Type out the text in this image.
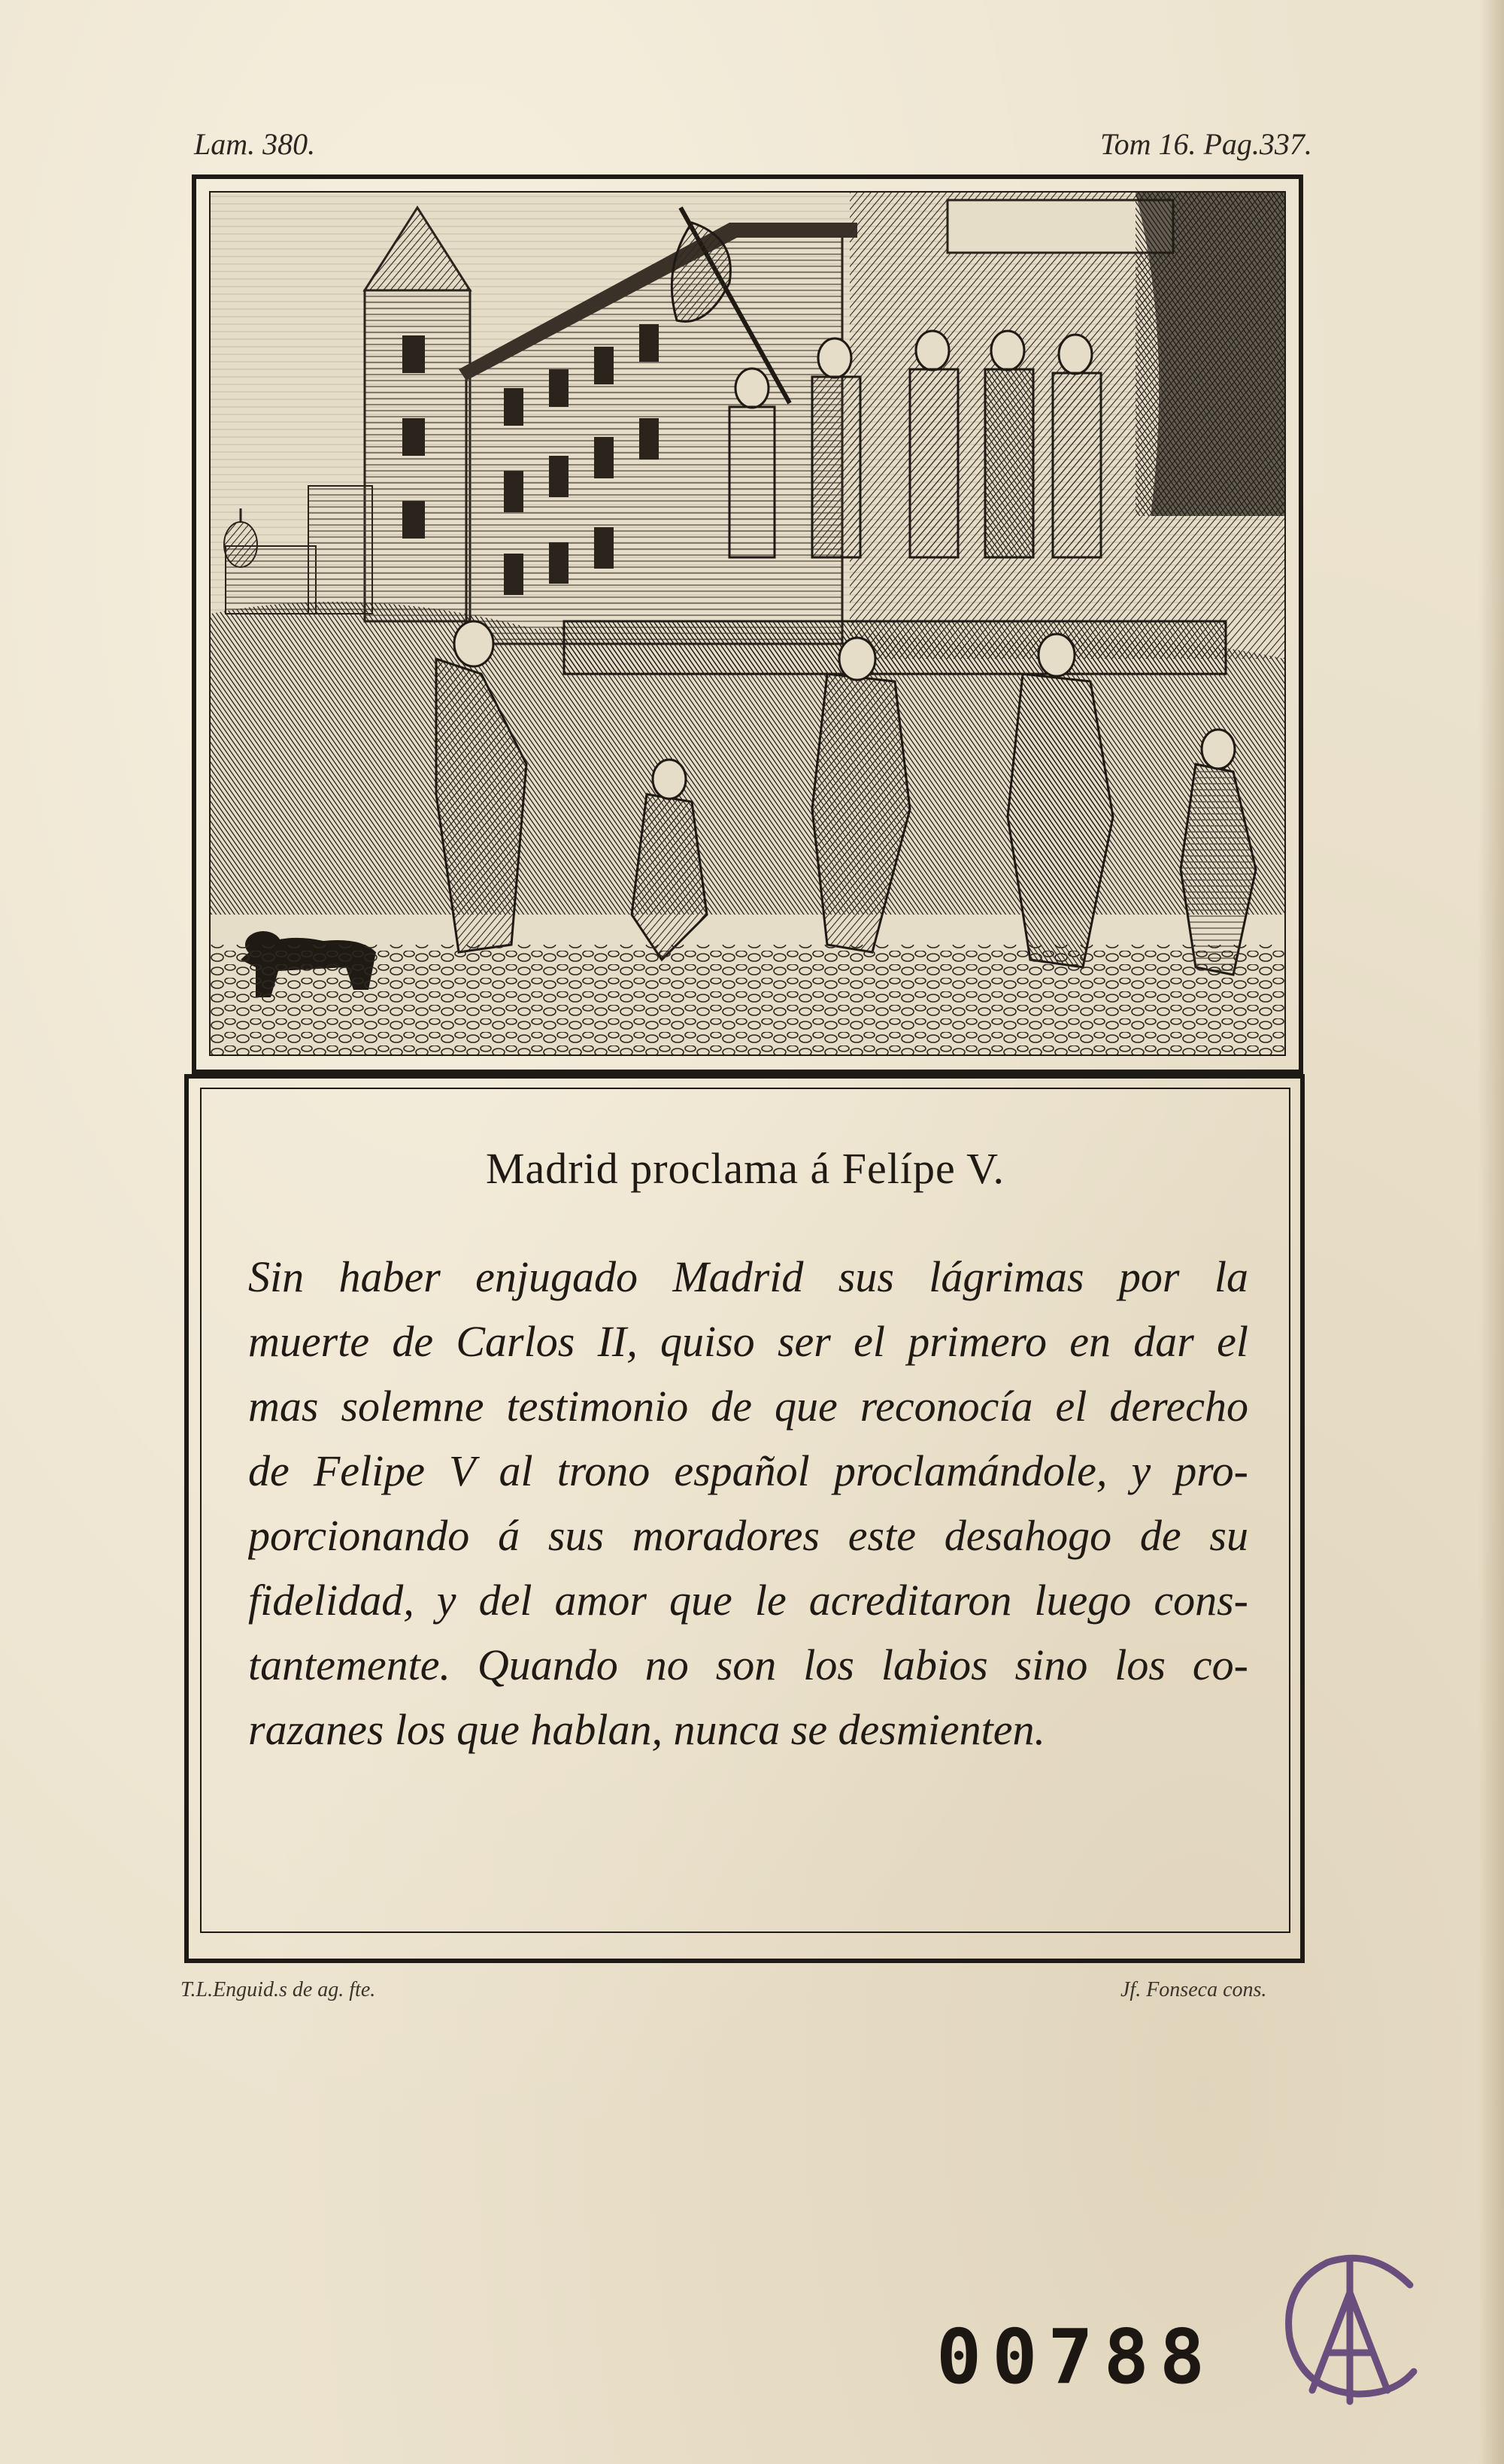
Lam. 380.	Tom 16. Pag.337.
Madrid proclama á Felípe V.
Sin haber enjugado Madrid sus lágrimas por la
muerte de Carlos II, quiso ser el primero en dar el
mas solemne testimonio de que reconocía el derecho
de Felipe V al trono español proclamándole, y pro-
porcionando á sus moradores este desahogo de su
fidelidad, y del amor que le acreditaron luego cons-
tantemente. Quando no son los labios sino los co-
razanes los que hablan, nunca se desmienten.
T.L.Enguid.s de ag. fte.	Jf. Fonseca cons.
00788
